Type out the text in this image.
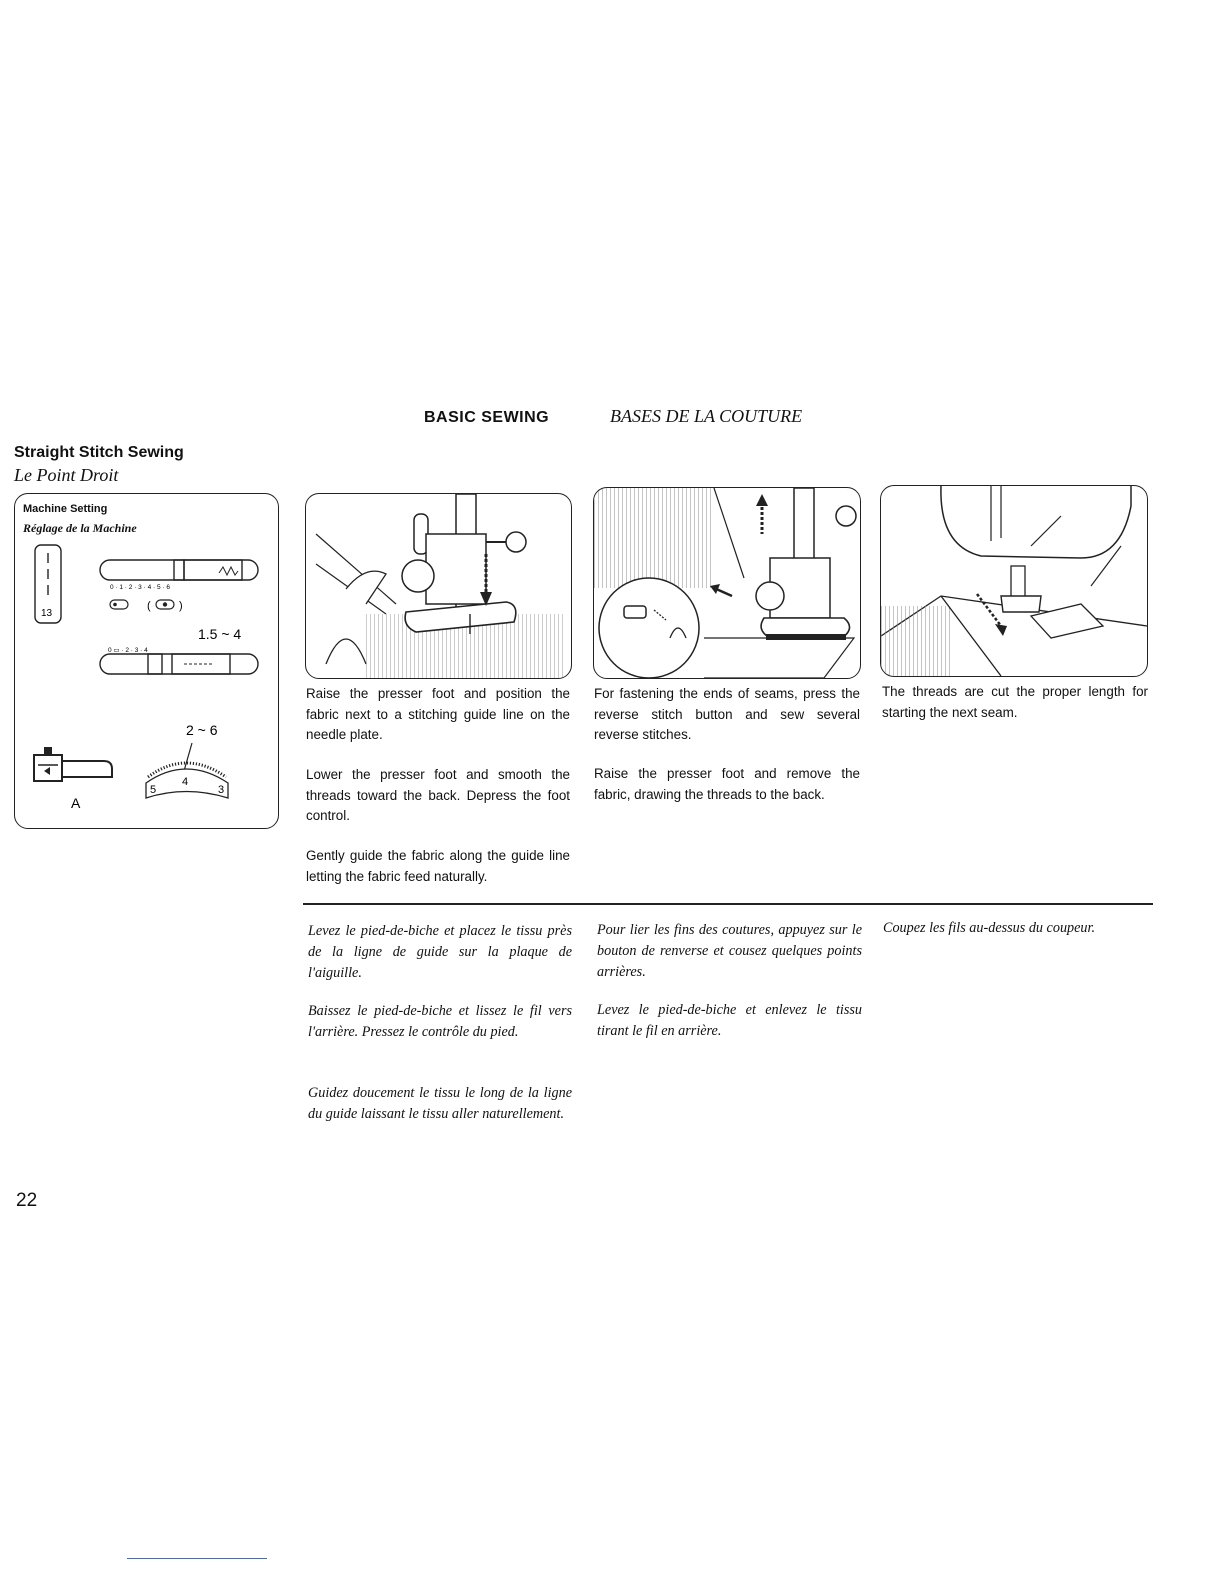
BASIC SEWING	BASES DE LA COUTURE
Straight Stitch Sewing
Le Point Droit
Machine Setting
Réglage de la Machine
13
0 · 1 · 2 · 3 · 4 · 5 · 6
(	)
1.5 ~ 4
0 ▭ · 2 · 3 · 4
2 ~ 6
5
4
3
A
Raise the presser foot and position the fabric next to a stitching guide line on the needle plate.
Lower the presser foot and smooth the threads toward the back. Depress the foot control.
Gently guide the fabric along the guide line letting the fabric feed naturally.
For fastening the ends of seams, press the reverse stitch button and sew several reverse stitches.
Raise the presser foot and remove the fabric, drawing the threads to the back.
The threads are cut the proper length for starting the next seam.
Levez le pied-de-biche et placez le tissu près de la ligne de guide sur la plaque de l'aiguille.
Baissez le pied-de-biche et lissez le fil vers l'arrière. Pressez le contrôle du pied.
Guidez doucement le tissu le long de la ligne du guide laissant le tissu aller naturellement.
Pour lier les fins des coutures, appuyez sur le bouton de renverse et cousez quelques points arrières.
Levez le pied-de-biche et enlevez le tissu tirant le fil en arrière.
Coupez les fils au-dessus du coupeur.
22
